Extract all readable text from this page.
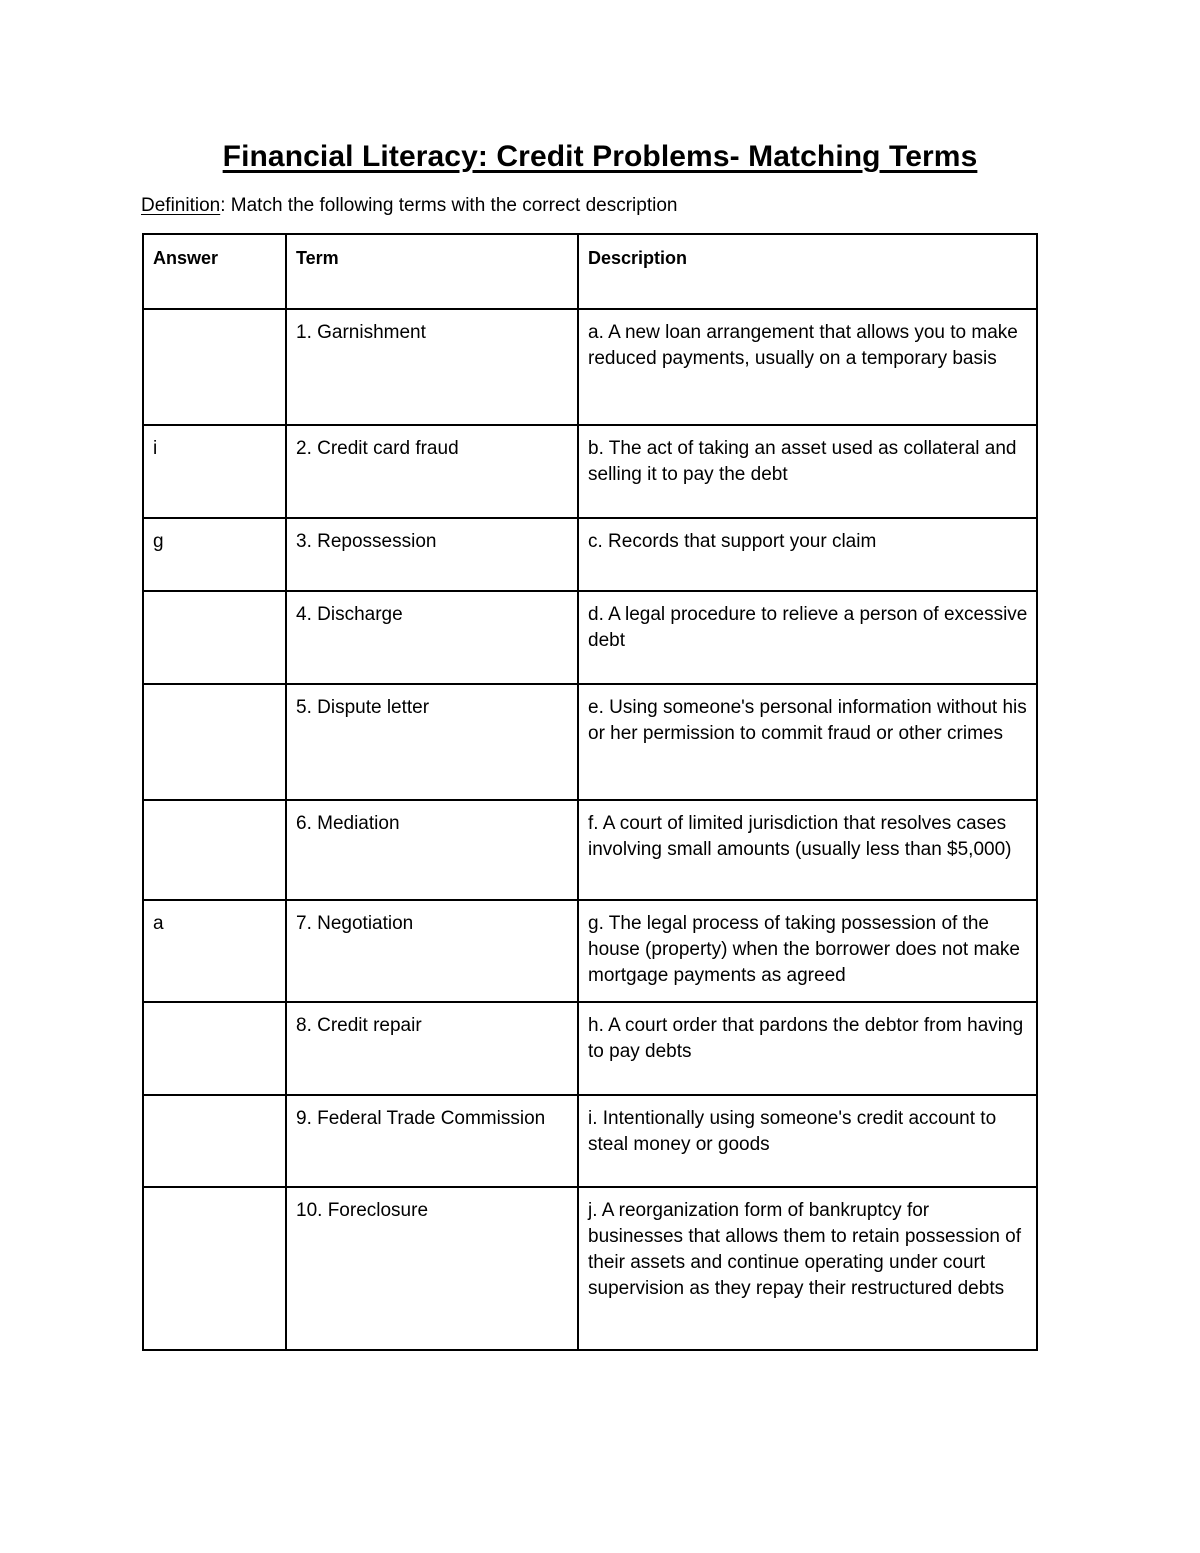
Financial Literacy: Credit Problems- Matching Terms
Definition: Match the following terms with the correct description
Answer	Term	Description
	1. Garnishment	a. A new loan arrangement that allows you to make reduced payments, usually on a temporary basis
i	2. Credit card fraud	b. The act of taking an asset used as collateral and selling it to pay the debt
g	3. Repossession	c. Records that support your claim
	4. Discharge	d. A legal procedure to relieve a person of excessive debt
	5. Dispute letter	e. Using someone's personal information without his or her permission to commit fraud or other crimes
	6. Mediation	f. A court of limited jurisdiction that resolves cases involving small amounts (usually less than $5,000)
a	7. Negotiation	g. The legal process of taking possession of the house (property) when the borrower does not make mortgage payments as agreed
	8. Credit repair	h. A court order that pardons the debtor from having to pay debts
	9. Federal Trade Commission	i. Intentionally using someone's credit account to steal money or goods
	10. Foreclosure	j. A reorganization form of bankruptcy for businesses that allows them to retain possession of their assets and continue operating under court supervision as they repay their restructured debts
